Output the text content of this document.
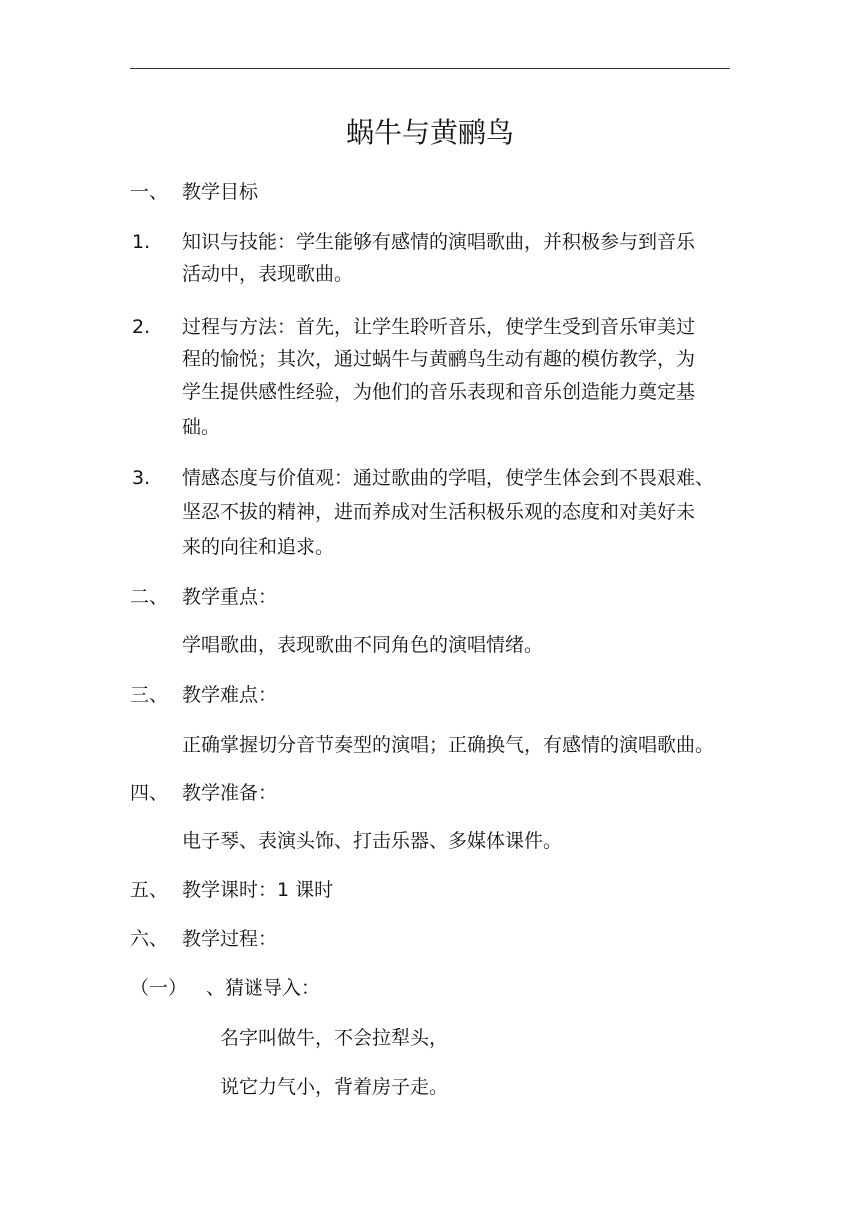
蜗牛与黄鹂鸟
一、 教学目标
1. 知识与技能：学生能够有感情的演唱歌曲，并积极参与到音乐
活动中，表现歌曲。
2. 过程与方法：首先，让学生聆听音乐，使学生受到音乐审美过
程的愉悦；其次，通过蜗牛与黄鹂鸟生动有趣的模仿教学，为
学生提供感性经验，为他们的音乐表现和音乐创造能力奠定基
础。
3. 情感态度与价值观：通过歌曲的学唱，使学生体会到不畏艰难、
坚忍不拔的精神，进而养成对生活积极乐观的态度和对美好未
来的向往和追求。
二、 教学重点：
学唱歌曲，表现歌曲不同角色的演唱情绪。
三、 教学难点：
正确掌握切分音节奏型的演唱；正确换气，有感情的演唱歌曲。
四、 教学准备：
电子琴、表演头饰、打击乐器、多媒体课件。
五、 教学课时：1 课时
六、 教学过程：
（一） 、猜谜导入：
名字叫做牛，不会拉犁头，
说它力气小，背着房子走。
